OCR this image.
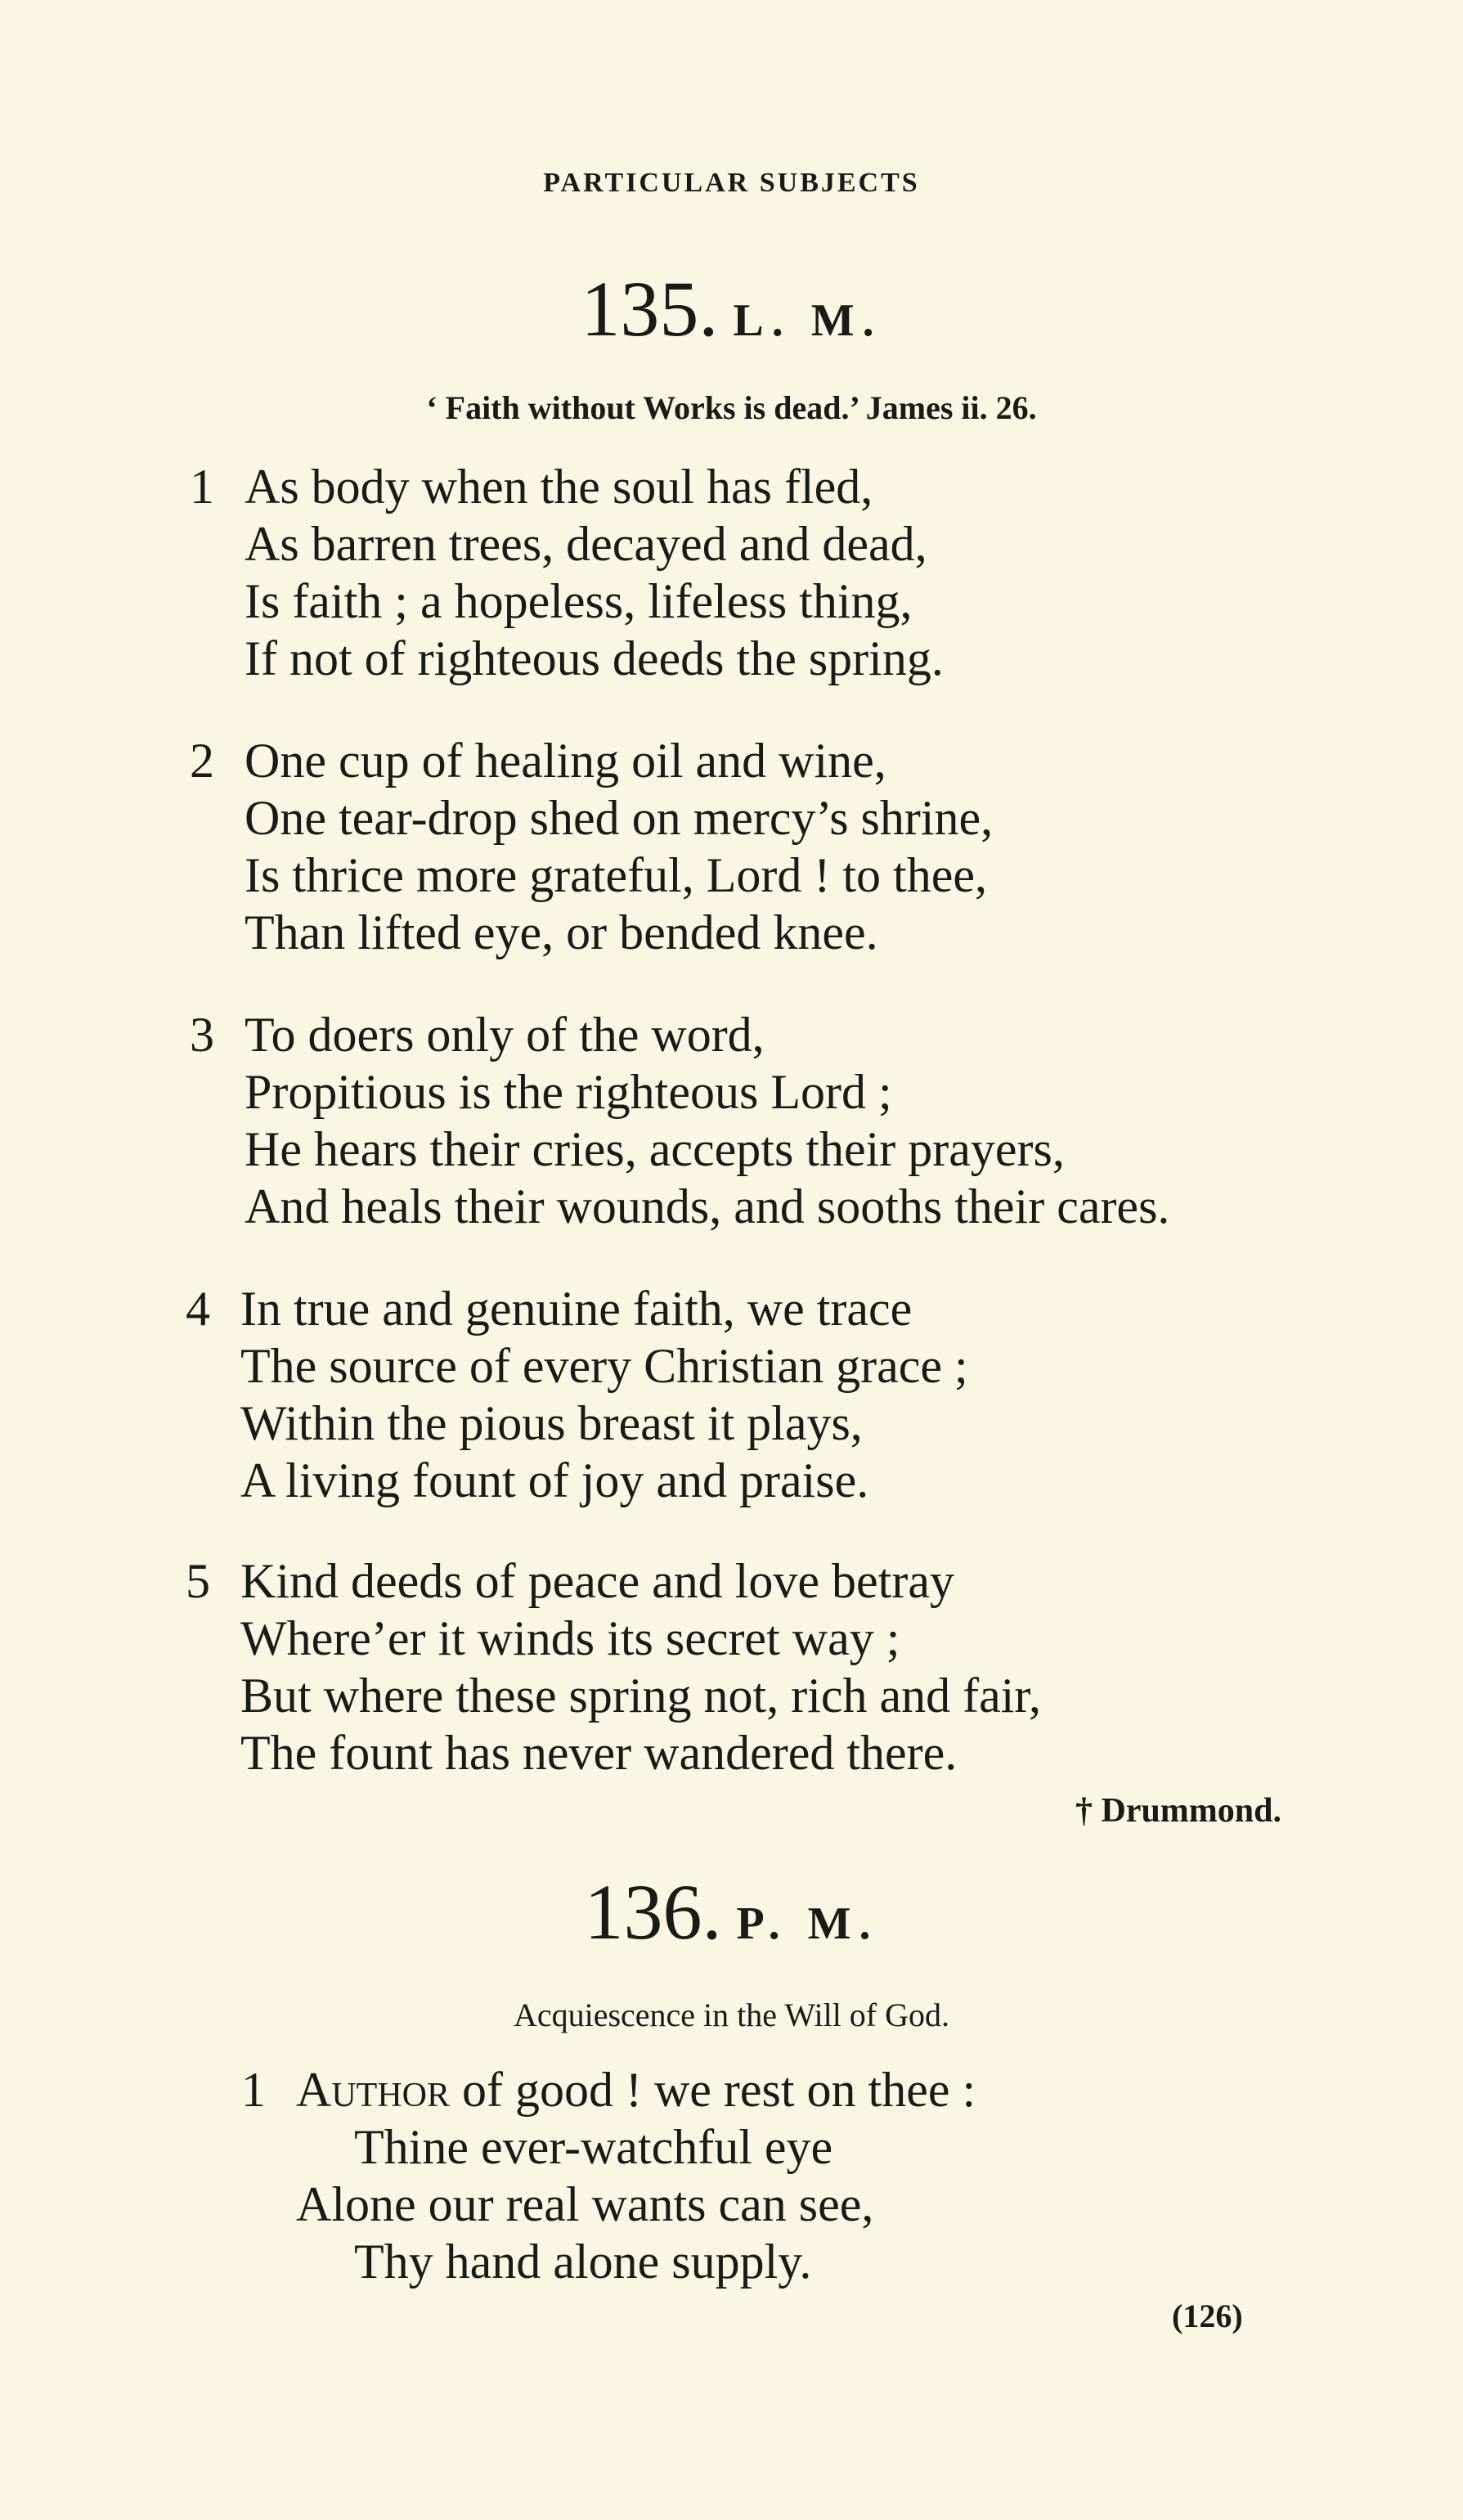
PARTICULAR SUBJECTS
135. L. M.
‘ Faith without Works is dead.’ James ii. 26.
1 As body when the soul has fled,
As barren trees, decayed and dead,
Is faith ; a hopeless, lifeless thing,
If not of righteous deeds the spring.
2 One cup of healing oil and wine,
One tear-drop shed on mercy’s shrine,
Is thrice more grateful, Lord ! to thee,
Than lifted eye, or bended knee.
3 To doers only of the word,
Propitious is the righteous Lord ;
He hears their cries, accepts their prayers,
And heals their wounds, and sooths their cares.
4 In true and genuine faith, we trace
The source of every Christian grace ;
Within the pious breast it plays,
A living fount of joy and praise.
5 Kind deeds of peace and love betray
Where’er it winds its secret way ;
But where these spring not, rich and fair,
The fount has never wandered there.
† Drummond.
136. P. M.
Acquiescence in the Will of God.
1 Author of good ! we rest on thee :
Thine ever-watchful eye
Alone our real wants can see,
Thy hand alone supply.
(126)
